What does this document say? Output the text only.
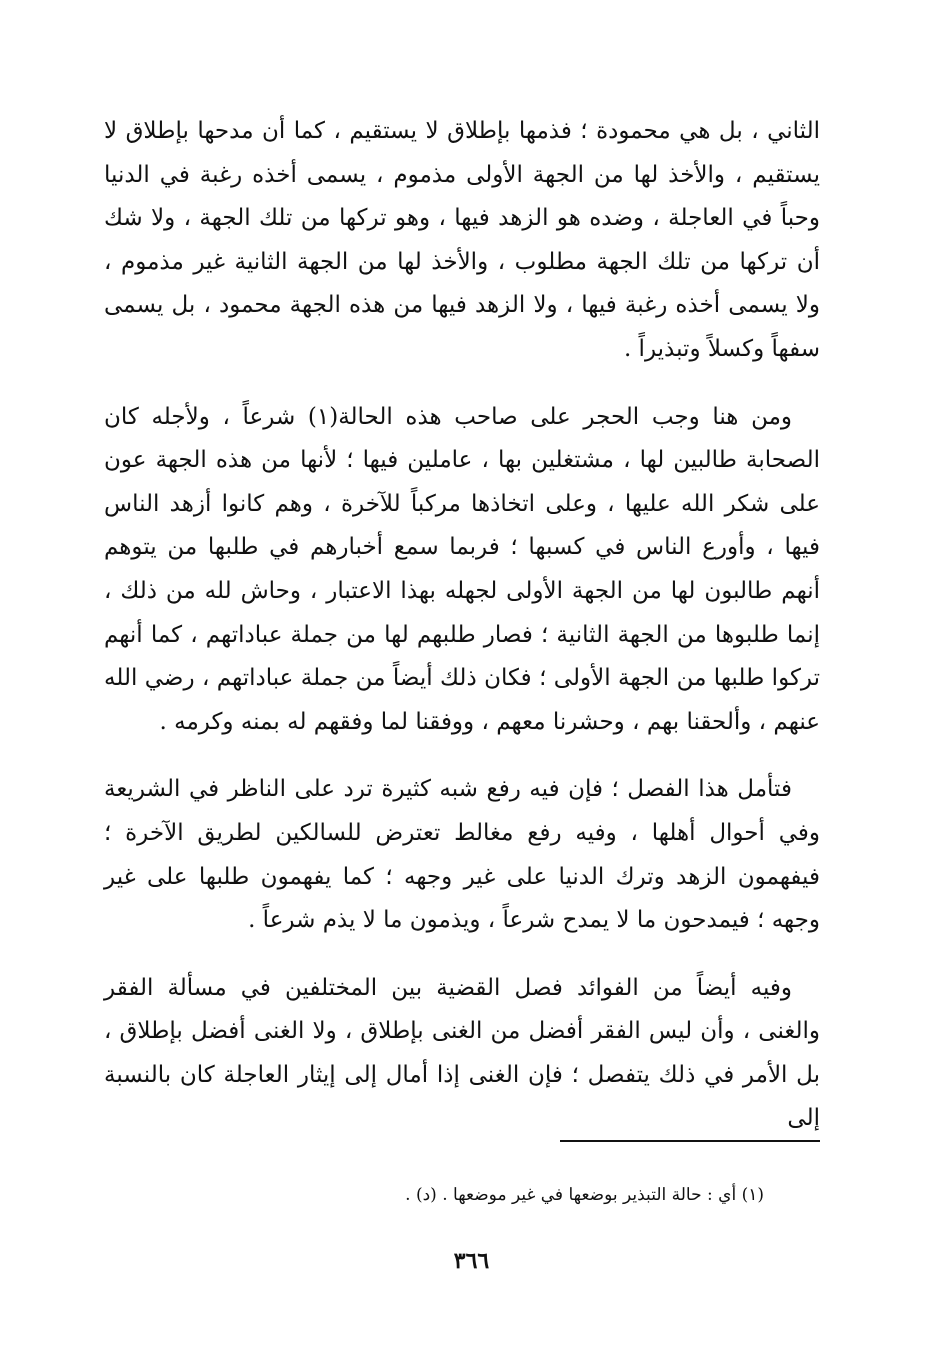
الثاني ، بل هي محمودة ؛ فذمها بإطلاق لا يستقيم ، كما أن مدحها بإطلاق لا يستقيم ، والأخذ لها من الجهة الأولى مذموم ، يسمى أخذه رغبة في الدنيا وحباً في العاجلة ، وضده هو الزهد فيها ، وهو تركها من تلك الجهة ، ولا شك أن تركها من تلك الجهة مطلوب ، والأخذ لها من الجهة الثانية غير مذموم ، ولا يسمى أخذه رغبة فيها ، ولا الزهد فيها من هذه الجهة محمود ، بل يسمى سفهاً وكسلاً وتبذيراً .

ومن هنا وجب الحجر على صاحب هذه الحالة(١) شرعاً ، ولأجله كان الصحابة طالبين لها ، مشتغلين بها ، عاملين فيها ؛ لأنها من هذه الجهة عون على شكر الله عليها ، وعلى اتخاذها مركباً للآخرة ، وهم كانوا أزهد الناس فيها ، وأورع الناس في كسبها ؛ فربما سمع أخبارهم في طلبها من يتوهم أنهم طالبون لها من الجهة الأولى لجهله بهذا الاعتبار ، وحاش لله من ذلك ، إنما طلبوها من الجهة الثانية ؛ فصار طلبهم لها من جملة عباداتهم ، كما أنهم تركوا طلبها من الجهة الأولى ؛ فكان ذلك أيضاً من جملة عباداتهم ، رضي الله عنهم ، وألحقنا بهم ، وحشرنا معهم ، ووفقنا لما وفقهم له بمنه وكرمه .

فتأمل هذا الفصل ؛ فإن فيه رفع شبه كثيرة ترد على الناظر في الشريعة وفي أحوال أهلها ، وفيه رفع مغالط تعترض للسالكين لطريق الآخرة ؛ فيفهمون الزهد وترك الدنيا على غير وجهه ؛ كما يفهمون طلبها على غير وجهه ؛ فيمدحون ما لا يمدح شرعاً ، ويذمون ما لا يذم شرعاً .

وفيه أيضاً من الفوائد فصل القضية بين المختلفين في مسألة الفقر والغنى ، وأن ليس الفقر أفضل من الغنى بإطلاق ، ولا الغنى أفضل بإطلاق ، بل الأمر في ذلك يتفصل ؛ فإن الغنى إذا أمال إلى إيثار العاجلة كان بالنسبة إلى

(١) أي : حالة التبذير بوضعها في غير موضعها . (د) .
٣٦٦
